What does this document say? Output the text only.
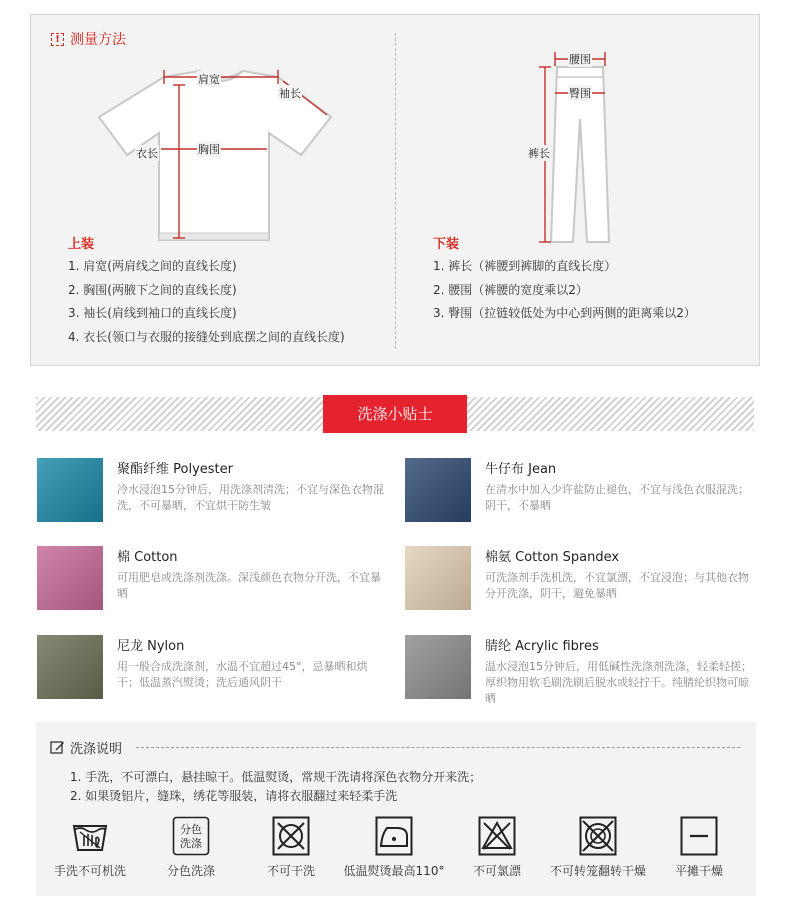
! 测量方法
肩宽
袖长
胸围
衣长
腰围
臀围
裤长
上装
1. 肩宽(两肩线之间的直线长度)
2. 胸围(两腋下之间的直线长度)
3. 袖长(肩线到袖口的直线长度)
4. 衣长(领口与衣服的接缝处到底摆之间的直线长度)
下装
1. 裤长（裤腰到裤脚的直线长度）
2. 腰围（裤腰的宽度乘以2）
3. 臀围（拉链较低处为中心到两侧的距离乘以2）
洗涤小贴士
聚酯纤维 Polyester
冷水浸泡15分钟后，用洗涤剂清洗；不宜与深色衣物混洗，不可暴晒，不宜烘干防生皱
牛仔布 Jean
在清水中加入少许盐防止褪色，不宜与浅色衣服混洗；阴干，不暴晒
棉 Cotton
可用肥皂或洗涤剂洗涤。深浅颜色衣物分开洗，不宜暴晒
棉氨 Cotton Spandex
可洗涤剂手洗机洗，不宜氯漂，不宜浸泡；与其他衣物分开洗涤，阴干，避免暴晒
尼龙 Nylon
用一般合成洗涤剂，水温不宜超过45°，忌暴晒和烘干；低温蒸汽熨烫；洗后通风阴干
腈纶 Acrylic fibres
温水浸泡15分钟后，用低碱性洗涤剂洗涤，轻柔轻搓；厚织物用软毛刷洗刷后脱水或轻拧干。纯腈纶织物可晾晒
洗涤说明
1. 手洗，不可漂白，悬挂晾干。低温熨烫，常规干洗请将深色衣物分开来洗；
2. 如果烫铝片，缝珠，绣花等服装，请将衣服翻过来轻柔手洗
分色
洗涤
手洗不可机洗	分色洗涤	不可干洗 低温熨烫最高110° 不可氯漂 不可转笼翻转干燥 平摊干燥
